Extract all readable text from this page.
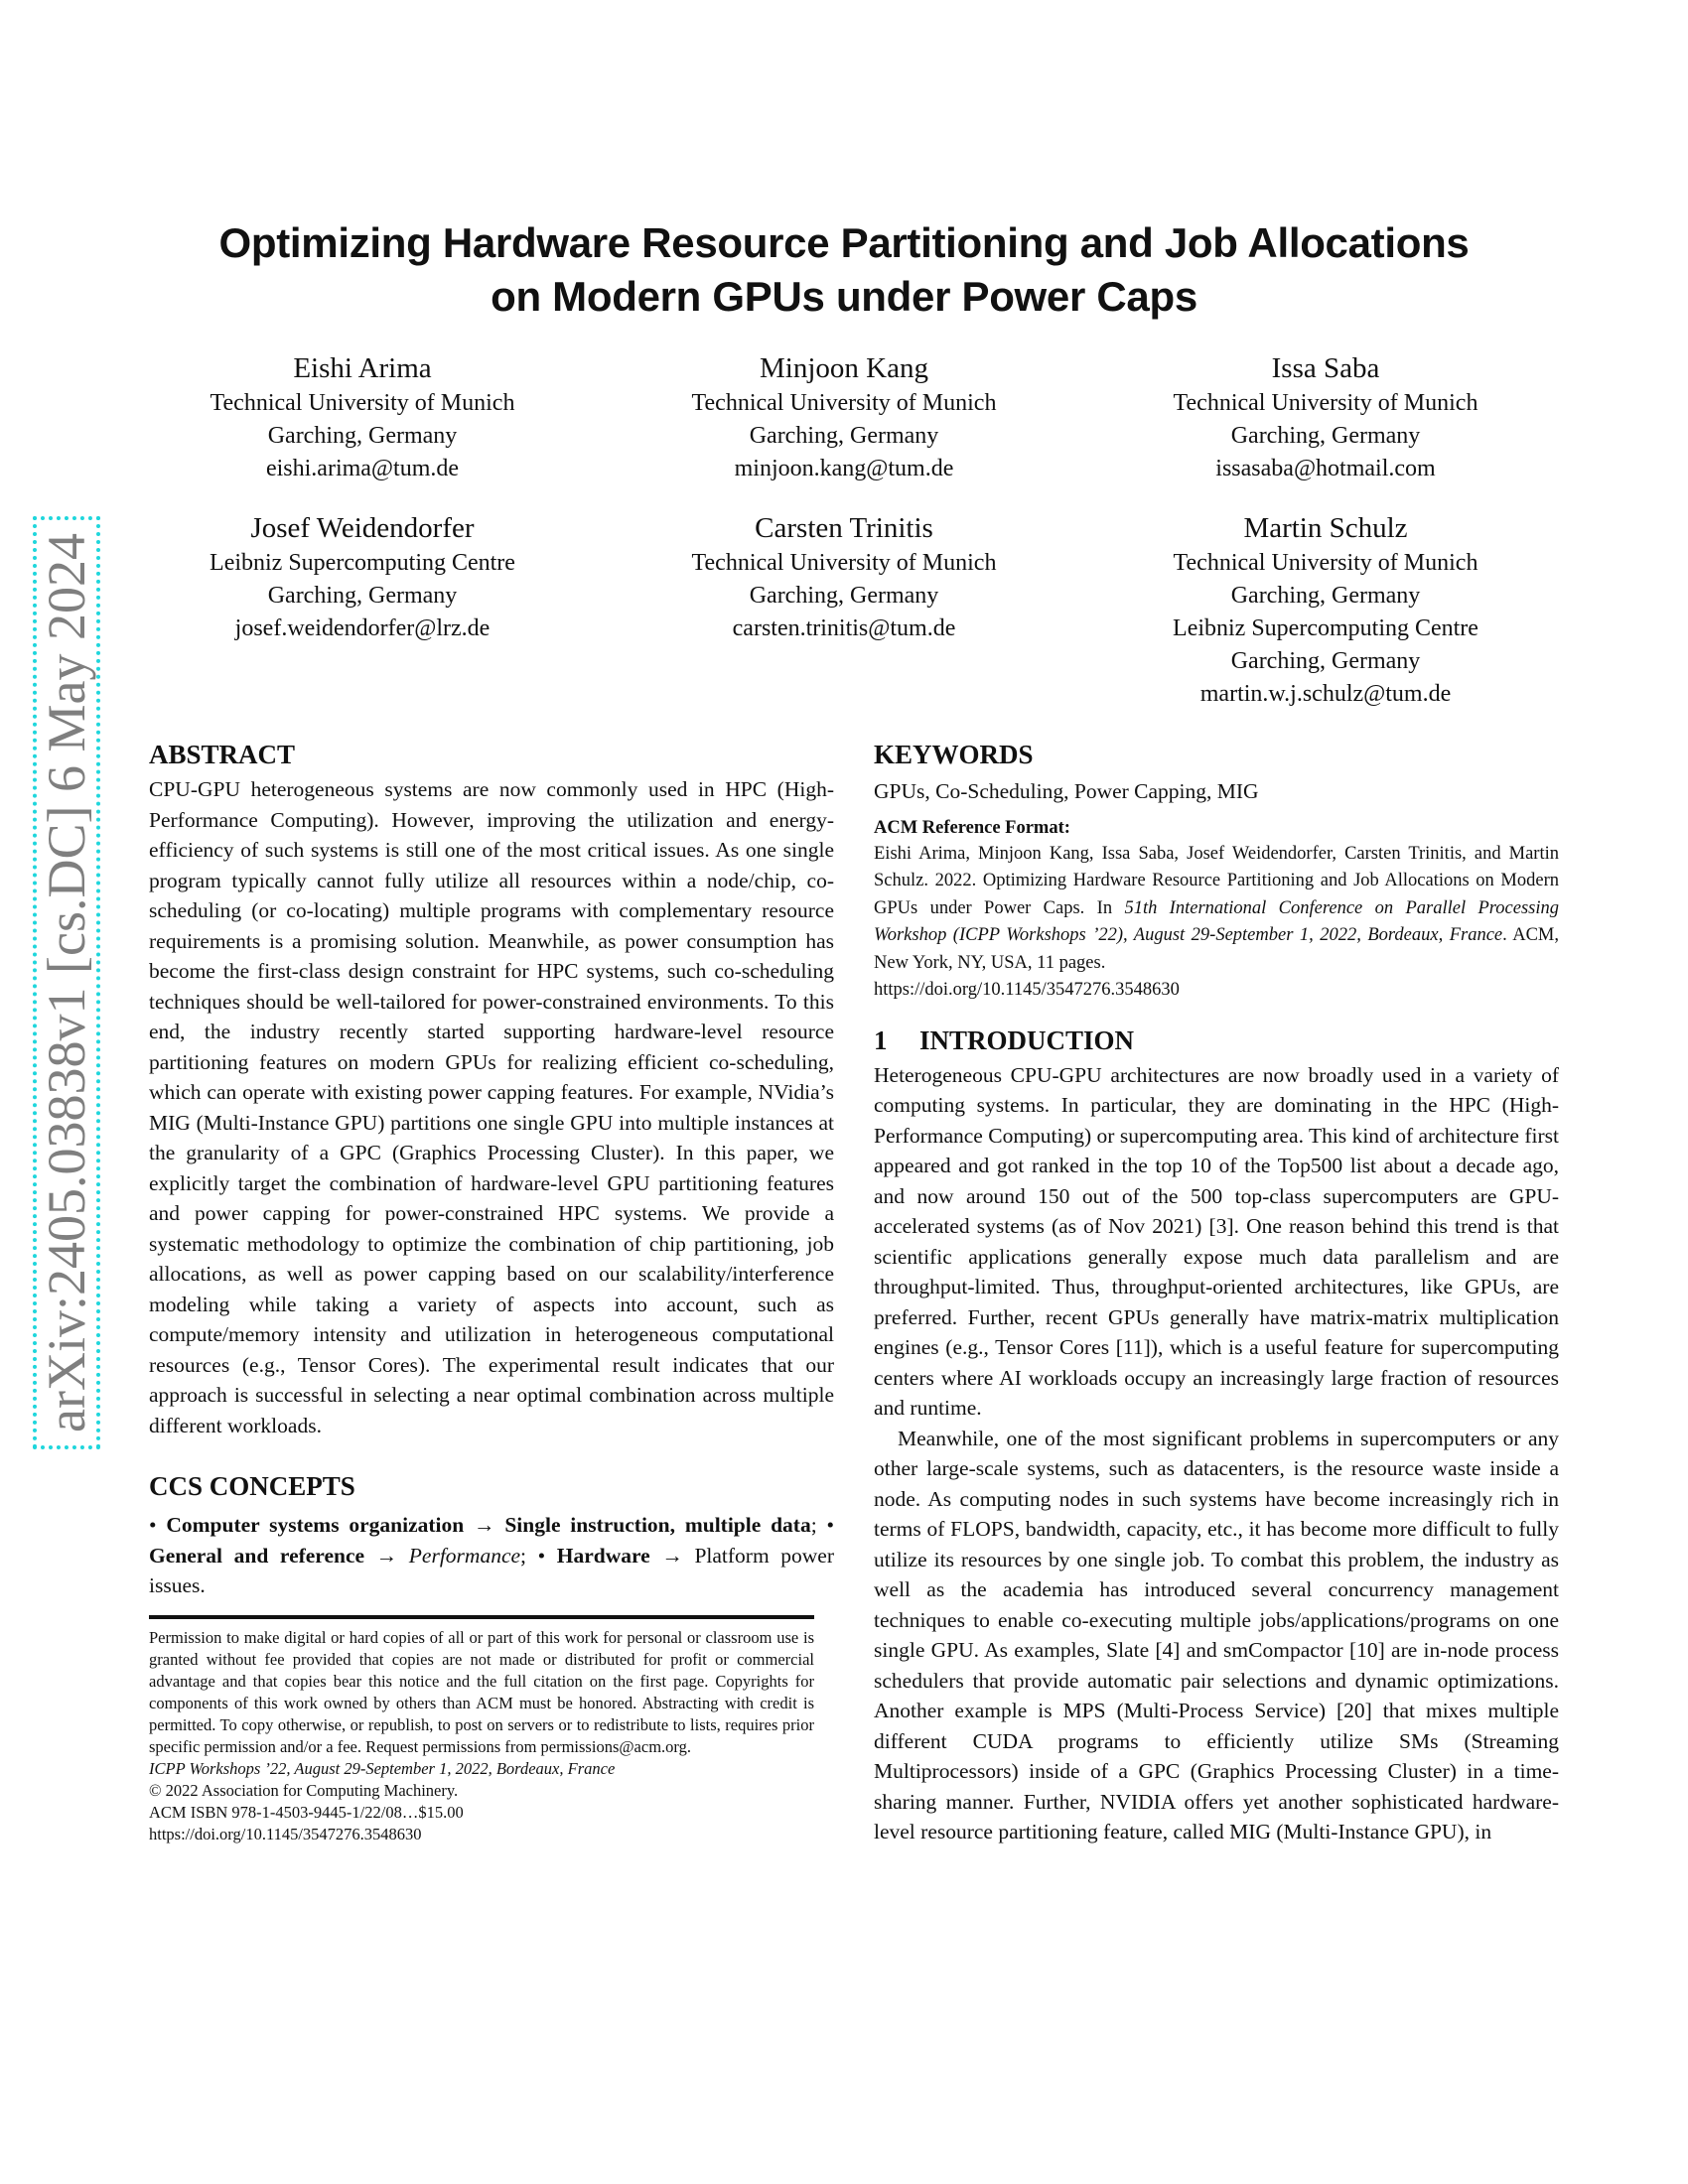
arXiv:2405.03838v1 [cs.DC] 6 May 2024
Optimizing Hardware Resource Partitioning and Job Allocations
on Modern GPUs under Power Caps
Eishi Arima
Technical University of Munich
Garching, Germany
eishi.arima@tum.de
Minjoon Kang
Technical University of Munich
Garching, Germany
minjoon.kang@tum.de
Issa Saba
Technical University of Munich
Garching, Germany
issasaba@hotmail.com
Josef Weidendorfer
Leibniz Supercomputing Centre
Garching, Germany
josef.weidendorfer@lrz.de
Carsten Trinitis
Technical University of Munich
Garching, Germany
carsten.trinitis@tum.de
Martin Schulz
Technical University of Munich
Garching, Germany
Leibniz Supercomputing Centre
Garching, Germany
martin.w.j.schulz@tum.de
ABSTRACT

CPU-GPU heterogeneous systems are now commonly used in HPC (High-Performance Computing). However, improving the utilization and energy-efficiency of such systems is still one of the most critical issues. As one single program typically cannot fully utilize all resources within a node/chip, co-scheduling (or co-locating) multiple programs with complementary resource requirements is a promising solution. Meanwhile, as power consumption has become the first-class design constraint for HPC systems, such co-scheduling techniques should be well-tailored for power-constrained environments. To this end, the industry recently started supporting hardware-level resource partitioning features on modern GPUs for realizing efficient co-scheduling, which can operate with existing power capping features. For example, NVidia’s MIG (Multi-Instance GPU) partitions one single GPU into multiple instances at the granularity of a GPC (Graphics Processing Cluster). In this paper, we explicitly target the combination of hardware-level GPU partitioning features and power capping for power-constrained HPC systems. We provide a systematic methodology to optimize the combination of chip partitioning, job allocations, as well as power capping based on our scalability/interference modeling while taking a variety of aspects into account, such as compute/memory intensity and utilization in heterogeneous computational resources (e.g., Tensor Cores). The experimental result indicates that our approach is successful in selecting a near optimal combination across multiple different workloads.

CCS CONCEPTS

• Computer systems organization → Single instruction, multiple data; • General and reference → Performance; • Hardware → Platform power issues.

Permission to make digital or hard copies of all or part of this work for personal or classroom use is granted without fee provided that copies are not made or distributed for profit or commercial advantage and that copies bear this notice and the full citation on the first page. Copyrights for components of this work owned by others than ACM must be honored. Abstracting with credit is permitted. To copy otherwise, or republish, to post on servers or to redistribute to lists, requires prior specific permission and/or a fee. Request permissions from permissions@acm.org.

ICPP Workshops ’22, August 29-September 1, 2022, Bordeaux, France

© 2022 Association for Computing Machinery.

ACM ISBN 978-1-4503-9445-1/22/08…$15.00

https://doi.org/10.1145/3547276.3548630

KEYWORDS

GPUs, Co-Scheduling, Power Capping, MIG

ACM Reference Format:

Eishi Arima, Minjoon Kang, Issa Saba, Josef Weidendorfer, Carsten Trinitis, and Martin Schulz. 2022. Optimizing Hardware Resource Partitioning and Job Allocations on Modern GPUs under Power Caps. In 51th International Conference on Parallel Processing Workshop (ICPP Workshops ’22), August 29-September 1, 2022, Bordeaux, France. ACM, New York, NY, USA, 11 pages.

https://doi.org/10.1145/3547276.3548630

1 INTRODUCTION

Heterogeneous CPU-GPU architectures are now broadly used in a variety of computing systems. In particular, they are dominating in the HPC (High-Performance Computing) or supercomputing area. This kind of architecture first appeared and got ranked in the top 10 of the Top500 list about a decade ago, and now around 150 out of the 500 top-class supercomputers are GPU-accelerated systems (as of Nov 2021) [3]. One reason behind this trend is that scientific applications generally expose much data parallelism and are throughput-limited. Thus, throughput-oriented architectures, like GPUs, are preferred. Further, recent GPUs generally have matrix-matrix multiplication engines (e.g., Tensor Cores [11]), which is a useful feature for supercomputing centers where AI workloads occupy an increasingly large fraction of resources and runtime.

Meanwhile, one of the most significant problems in supercomputers or any other large-scale systems, such as datacenters, is the resource waste inside a node. As computing nodes in such systems have become increasingly rich in terms of FLOPS, bandwidth, capacity, etc., it has become more difficult to fully utilize its resources by one single job. To combat this problem, the industry as well as the academia has introduced several concurrency management techniques to enable co-executing multiple jobs/applications/programs on one single GPU. As examples, Slate [4] and smCompactor [10] are in-node process schedulers that provide automatic pair selections and dynamic optimizations. Another example is MPS (Multi-Process Service) [20] that mixes multiple different CUDA programs to efficiently utilize SMs (Streaming Multiprocessors) inside of a GPC (Graphics Processing Cluster) in a time-sharing manner. Further, NVIDIA offers yet another sophisticated hardware-level resource partitioning feature, called MIG (Multi-Instance GPU), in
